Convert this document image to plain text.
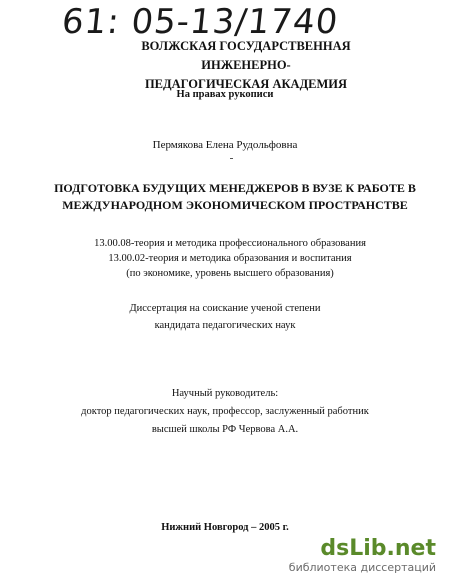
61: 05-13/1740
ВОЛЖСКАЯ ГОСУДАРСТВЕННАЯ ИНЖЕНЕРНО-
ПЕДАГОГИЧЕСКАЯ АКАДЕМИЯ
На правах рукописи
Пермякова Елена Рудольфовна
ПОДГОТОВКА БУДУЩИХ МЕНЕДЖЕРОВ В ВУЗЕ К РАБОТЕ В
МЕЖДУНАРОДНОМ ЭКОНОМИЧЕСКОМ ПРОСТРАНСТВЕ
13.00.08-теория и методика профессионального образования
13.00.02-теория и методика образования и воспитания
(по экономике, уровень высшего образования)
Диссертация на соискание ученой степени
кандидата педагогических наук
Научный руководитель:
доктор педагогических наук, профессор, заслуженный работник
высшей школы РФ Червова А.А.
Нижний Новгород – 2005 г.
dsLib.net
библиотека диссертаций
